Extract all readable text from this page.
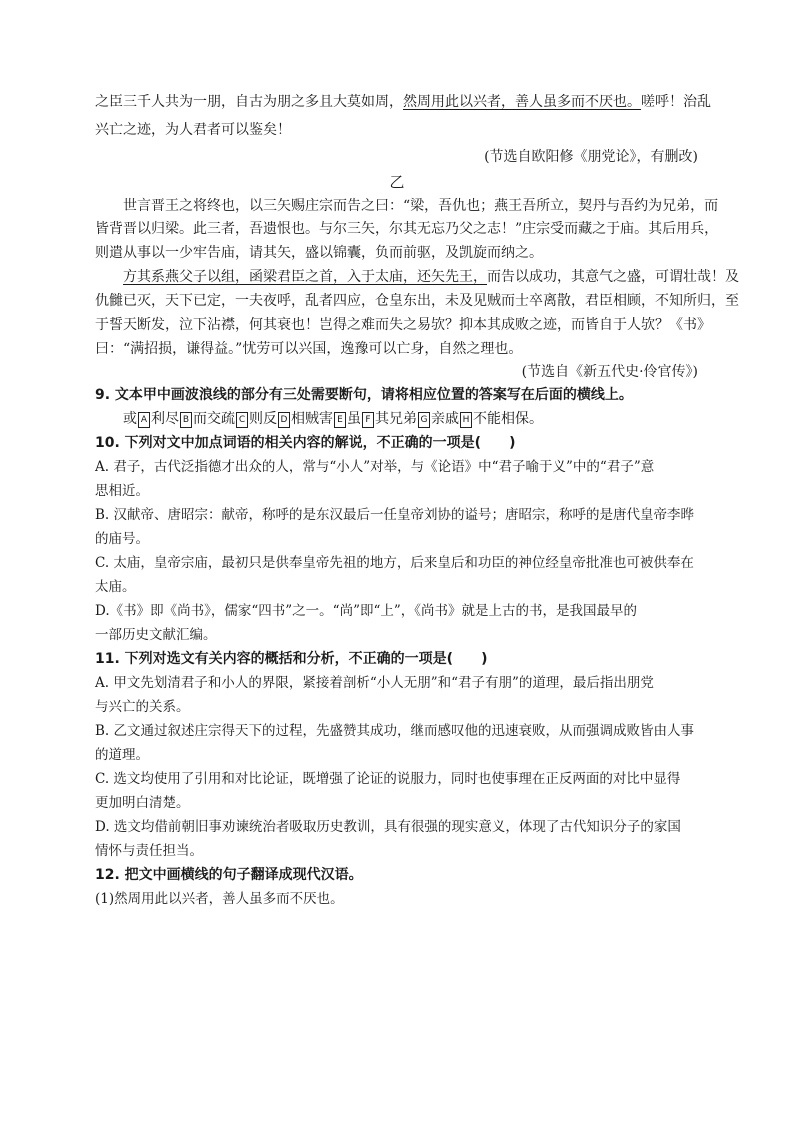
之臣三千人共为一朋，自古为朋之多且大莫如周，然周用此以兴者，善人虽多而不厌也。嗟呼！治乱
兴亡之迹，为人君者可以鉴矣！
(节选自欧阳修《朋党论》，有删改)
乙
世言晋王之将终也，以三矢赐庄宗而告之曰：“梁，吾仇也；燕王吾所立，契丹与吾约为兄弟，而
皆背晋以归梁。此三者，吾遗恨也。与尔三矢，尔其无忘乃父之志！”庄宗受而藏之于庙。其后用兵，
则遣从事以一少牢告庙，请其矢，盛以锦囊，负而前驱，及凯旋而纳之。
方其系燕父子以组，函梁君臣之首，入于太庙，还矢先王，而告以成功，其意气之盛，可谓壮哉！及
仇雠已灭，天下已定，一夫夜呼，乱者四应，仓皇东出，未及见贼而士卒离散，君臣相顾，不知所归，至
于誓天断发，泣下沾襟，何其衰也！岂得之难而失之易欤？抑本其成败之迹，而皆自于人欤？《书》
曰：“满招损，谦得益。”忧劳可以兴国，逸豫可以亡身，自然之理也。
(节选自《新五代史·伶官传》)
9. 文本甲中画波浪线的部分有三处需要断句，请将相应位置的答案写在后面的横线上。
或 A 利尽 B 而交疏 C 则反 D 相贼害 E 虽 F 其兄弟 G 亲戚 H 不能相保。
10. 下列对文中加点词语的相关内容的解说，不正确的一项是(　　)
A. 君子，古代泛指德才出众的人，常与“小人”对举，与《论语》中“君子喻于义”中的“君子”意
思相近。
B. 汉献帝、唐昭宗：献帝，称呼的是东汉最后一任皇帝刘协的谥号；唐昭宗，称呼的是唐代皇帝李晔
的庙号。
C. 太庙，皇帝宗庙，最初只是供奉皇帝先祖的地方，后来皇后和功臣的神位经皇帝批准也可被供奉在
太庙。
D.《书》即《尚书》，儒家“四书”之一。“尚”即“上”，《尚书》就是上古的书，是我国最早的
一部历史文献汇编。
11. 下列对选文有关内容的概括和分析，不正确的一项是(　　)
A. 甲文先划清君子和小人的界限，紧接着剖析“小人无朋”和“君子有朋”的道理，最后指出朋党
与兴亡的关系。
B. 乙文通过叙述庄宗得天下的过程，先盛赞其成功，继而感叹他的迅速衰败，从而强调成败皆由人事
的道理。
C. 选文均使用了引用和对比论证，既增强了论证的说服力，同时也使事理在正反两面的对比中显得
更加明白清楚。
D. 选文均借前朝旧事劝谏统治者吸取历史教训，具有很强的现实意义，体现了古代知识分子的家国
情怀与责任担当。
12. 把文中画横线的句子翻译成现代汉语。
(1)然周用此以兴者，善人虽多而不厌也。
